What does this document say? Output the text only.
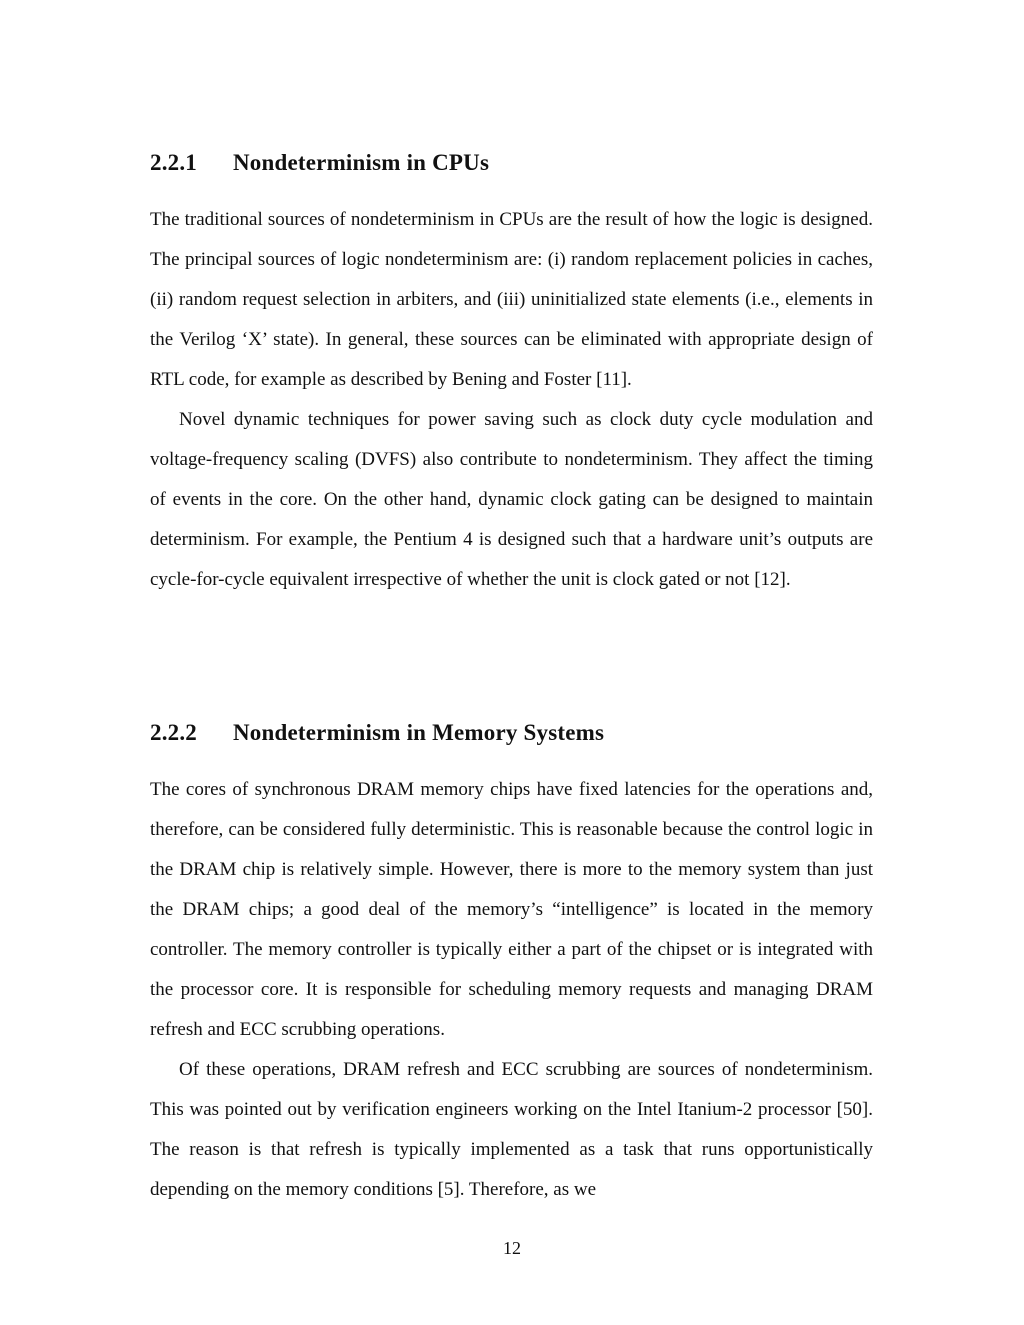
2.2.1 Nondeterminism in CPUs

The traditional sources of nondeterminism in CPUs are the result of how the logic is designed. The principal sources of logic nondeterminism are: (i) random replacement policies in caches, (ii) random request selection in arbiters, and (iii) uninitialized state elements (i.e., elements in the Verilog ‘X’ state). In general, these sources can be eliminated with appropriate design of RTL code, for example as described by Bening and Foster [11].

Novel dynamic techniques for power saving such as clock duty cycle modulation and voltage-frequency scaling (DVFS) also contribute to nondeterminism. They affect the timing of events in the core. On the other hand, dynamic clock gating can be designed to maintain determinism. For example, the Pentium 4 is designed such that a hardware unit’s outputs are cycle-for-cycle equivalent irrespective of whether the unit is clock gated or not [12].

2.2.2 Nondeterminism in Memory Systems

The cores of synchronous DRAM memory chips have fixed latencies for the operations and, therefore, can be considered fully deterministic. This is reasonable because the control logic in the DRAM chip is relatively simple. However, there is more to the memory system than just the DRAM chips; a good deal of the memory’s “intelligence” is located in the memory controller. The memory controller is typically either a part of the chipset or is integrated with the processor core. It is responsible for scheduling memory requests and managing DRAM refresh and ECC scrubbing operations.

Of these operations, DRAM refresh and ECC scrubbing are sources of nondeterminism. This was pointed out by verification engineers working on the Intel Itanium-2 processor [50]. The reason is that refresh is typically implemented as a task that runs opportunistically depending on the memory conditions [5]. Therefore, as we

12
